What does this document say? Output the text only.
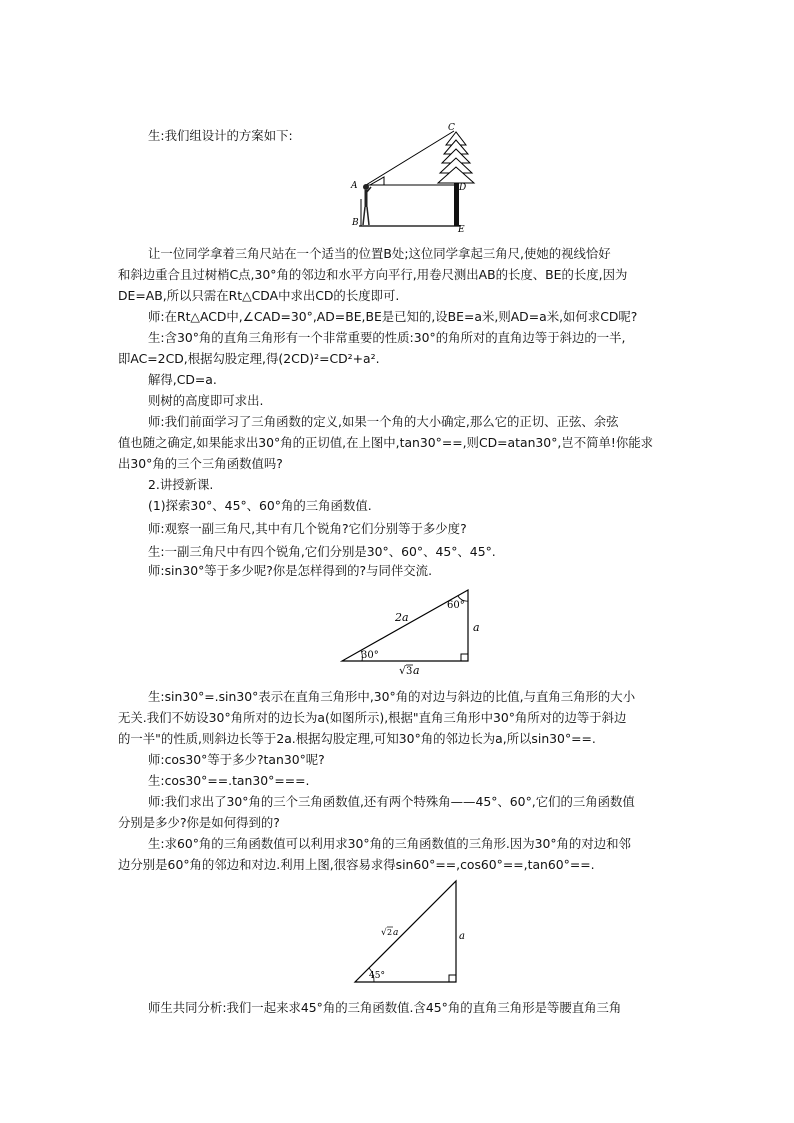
生:我们组设计的方案如下:	C
A	D
B
E
让一位同学拿着三角尺站在一个适当的位置B处;这位同学拿起三角尺,使她的视线恰好
和斜边重合且过树梢C点,30°角的邻边和水平方向平行,用卷尺测出AB的长度、BE的长度,因为
DE=AB,所以只需在Rt△CDA中求出CD的长度即可.
师:在Rt△ACD中,∠CAD=30°,AD=BE,BE是已知的,设BE=a米,则AD=a米,如何求CD呢?
生:含30°角的直角三角形有一个非常重要的性质:30°的角所对的直角边等于斜边的一半,
即AC=2CD,根据勾股定理,得(2CD)²=CD²+a².
解得,CD=a.
则树的高度即可求出.
师:我们前面学习了三角函数的定义,如果一个角的大小确定,那么它的正切、正弦、余弦
值也随之确定,如果能求出30°角的正切值,在上图中,tan30°==,则CD=atan30°,岂不简单!你能求
出30°角的三个三角函数值吗?
2.讲授新课.
(1)探索30°、45°、60°角的三角函数值.
师:观察一副三角尺,其中有几个锐角?它们分别等于多少度?
生:一副三角尺中有四个锐角,它们分别是30°、60°、45°、45°.
师:sin30°等于多少呢?你是怎样得到的?与同伴交流.
30°
60°
2a
a
√ 3 a
生:sin30°=.sin30°表示在直角三角形中,30°角的对边与斜边的比值,与直角三角形的大小
无关.我们不妨设30°角所对的边长为a(如图所示),根据"直角三角形中30°角所对的边等于斜边
的一半"的性质,则斜边长等于2a.根据勾股定理,可知30°角的邻边长为a,所以sin30°==.
师:cos30°等于多少?tan30°呢?
生:cos30°==.tan30°===.
师:我们求出了30°角的三个三角函数值,还有两个特殊角——45°、60°,它们的三角函数值
分别是多少?你是如何得到的?
生:求60°角的三角函数值可以利用求30°角的三角函数值的三角形.因为30°角的对边和邻
边分别是60°角的邻边和对边.利用上图,很容易求得sin60°==,cos60°==,tan60°==.
45°
√ 2 a	a
师生共同分析:我们一起来求45°角的三角函数值.含45°角的直角三角形是等腰直角三角
